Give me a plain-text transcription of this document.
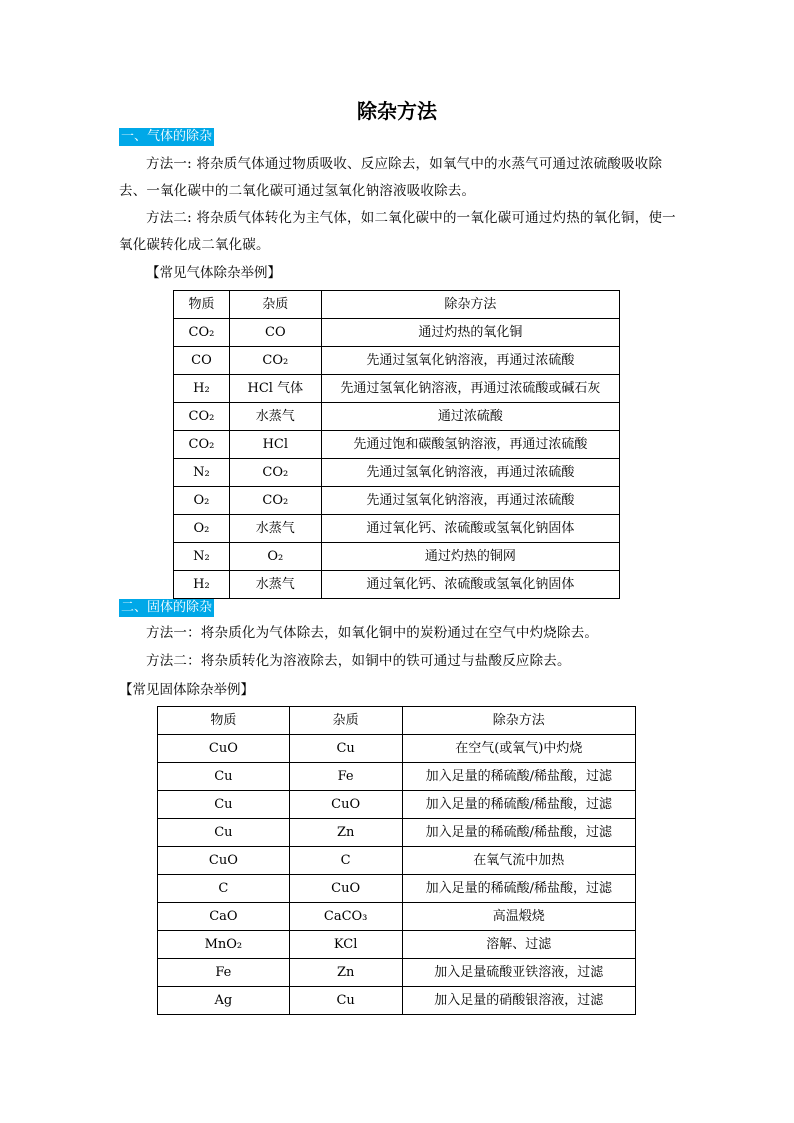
除杂方法
一、气体的除杂

方法一: 将杂质气体通过物质吸收、反应除去，如氧气中的水蒸气可通过浓硫酸吸收除去、一氧化碳中的二氧化碳可通过氢氧化钠溶液吸收除去。

方法二: 将杂质气体转化为主气体，如二氧化碳中的一氧化碳可通过灼热的氧化铜，使一氧化碳转化成二氧化碳。

【常见气体除杂举例】

物质	杂质	除杂方法
CO₂	CO	通过灼热的氧化铜
CO	CO₂	先通过氢氧化钠溶液，再通过浓硫酸
H₂	HCl 气体	先通过氢氧化钠溶液，再通过浓硫酸或碱石灰
CO₂	水蒸气	通过浓硫酸
CO₂	HCl	先通过饱和碳酸氢钠溶液，再通过浓硫酸
N₂	CO₂	先通过氢氧化钠溶液，再通过浓硫酸
O₂	CO₂	先通过氢氧化钠溶液，再通过浓硫酸
O₂	水蒸气	通过氧化钙、浓硫酸或氢氧化钠固体
N₂	O₂	通过灼热的铜网
H₂	水蒸气	通过氧化钙、浓硫酸或氢氧化钠固体
二、固体的除杂

方法一：将杂质化为气体除去，如氧化铜中的炭粉通过在空气中灼烧除去。

方法二：将杂质转化为溶液除去，如铜中的铁可通过与盐酸反应除去。

【常见固体除杂举例】

物质	杂质	除杂方法
CuO	Cu	在空气(或氧气)中灼烧
Cu	Fe	加入足量的稀硫酸/稀盐酸，过滤
Cu	CuO	加入足量的稀硫酸/稀盐酸，过滤
Cu	Zn	加入足量的稀硫酸/稀盐酸，过滤
CuO	C	在氧气流中加热
C	CuO	加入足量的稀硫酸/稀盐酸，过滤
CaO	CaCO₃	高温煅烧
MnO₂	KCl	溶解、过滤
Fe	Zn	加入足量硫酸亚铁溶液，过滤
Ag	Cu	加入足量的硝酸银溶液，过滤
